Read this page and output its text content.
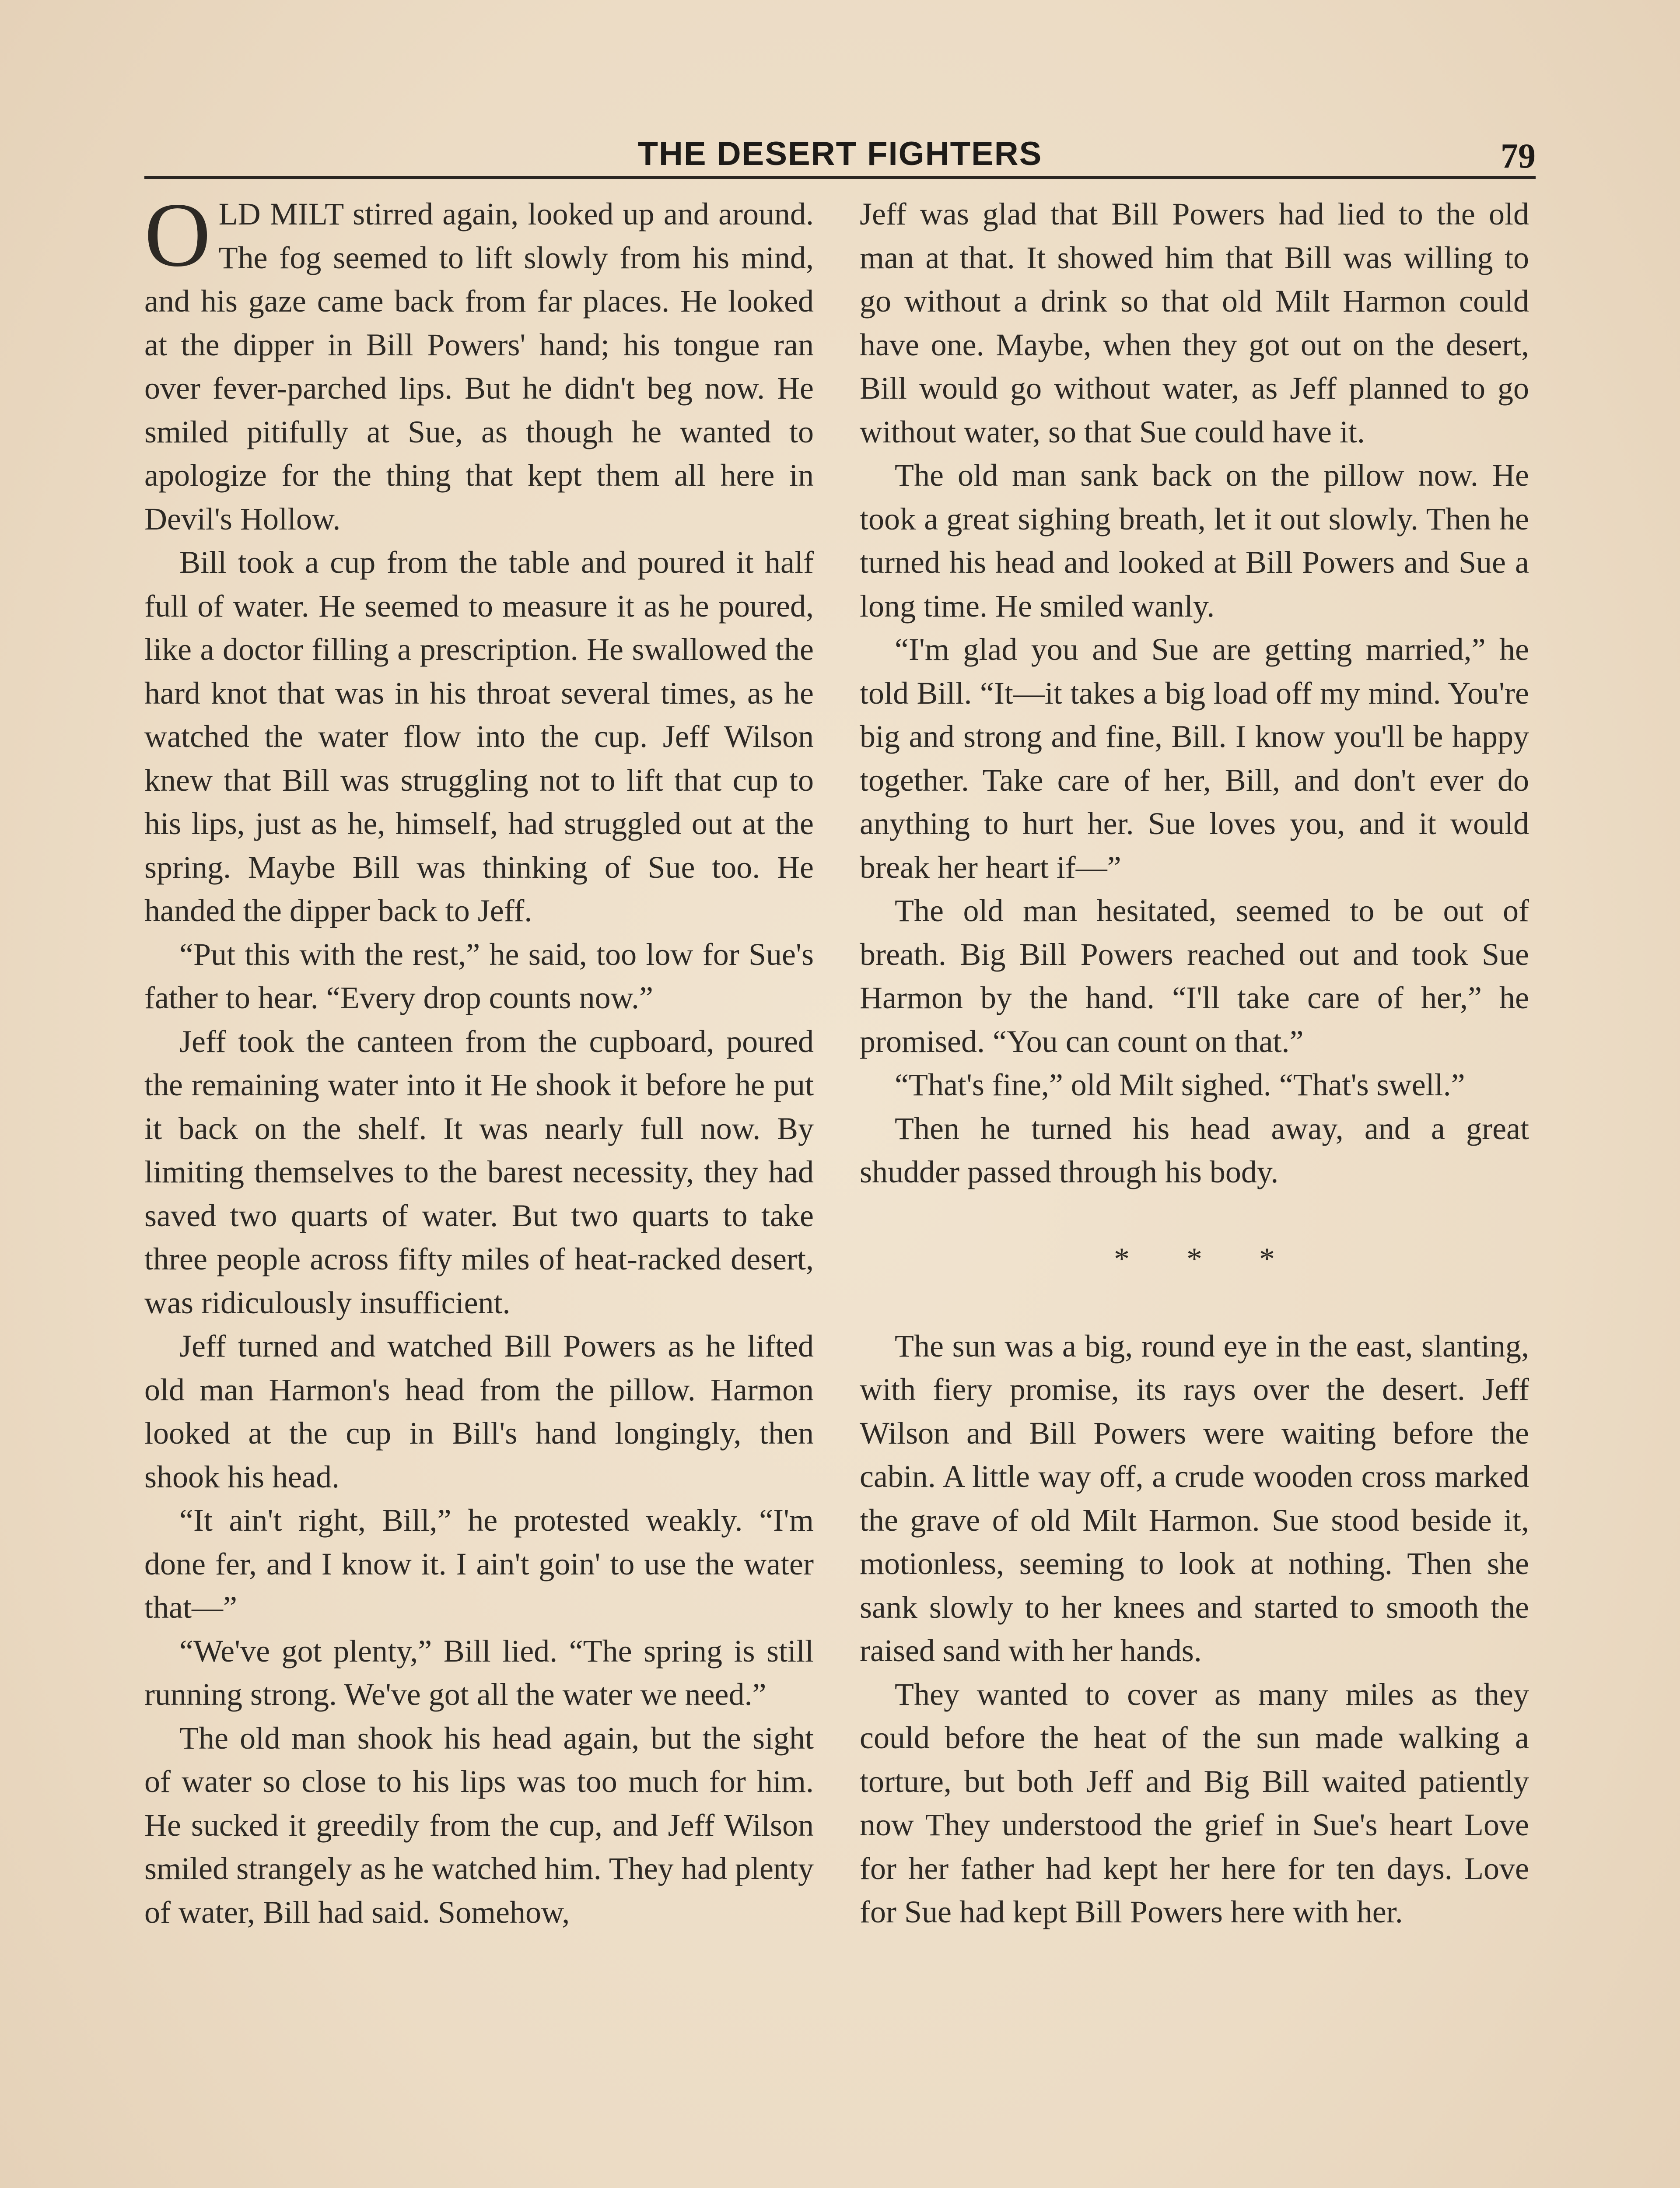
THE DESERT FIGHTERS	79

OLD MILT stirred again, looked up and around. The fog seemed to lift slowly from his mind, and his gaze came back from far places. He looked at the dipper in Bill Powers' hand; his tongue ran over fever-parched lips. But he didn't beg now. He smiled pitifully at Sue, as though he wanted to apologize for the thing that kept them all here in Devil's Hollow.

Bill took a cup from the table and poured it half full of water. He seemed to measure it as he poured, like a doctor filling a prescription. He swallowed the hard knot that was in his throat several times, as he watched the water flow into the cup. Jeff Wilson knew that Bill was struggling not to lift that cup to his lips, just as he, himself, had struggled out at the spring. Maybe Bill was thinking of Sue too. He handed the dipper back to Jeff.

“Put this with the rest,” he said, too low for Sue's father to hear. “Every drop counts now.”

Jeff took the canteen from the cupboard, poured the remaining water into it He shook it before he put it back on the shelf. It was nearly full now. By limiting themselves to the barest necessity, they had saved two quarts of water. But two quarts to take three people across fifty miles of heat-racked desert, was ridiculously insufficient.

Jeff turned and watched Bill Powers as he lifted old man Harmon's head from the pillow. Harmon looked at the cup in Bill's hand longingly, then shook his head.

“It ain't right, Bill,” he protested weakly. “I'm done fer, and I know it. I ain't goin' to use the water that—”

“We've got plenty,” Bill lied. “The spring is still running strong. We've got all the water we need.”

The old man shook his head again, but the sight of water so close to his lips was too much for him. He sucked it greedily from the cup, and Jeff Wilson smiled strangely as he watched him. They had plenty of water, Bill had said. Somehow,

Jeff was glad that Bill Powers had lied to the old man at that. It showed him that Bill was willing to go without a drink so that old Milt Harmon could have one. Maybe, when they got out on the desert, Bill would go without water, as Jeff planned to go without water, so that Sue could have it.

The old man sank back on the pillow now. He took a great sighing breath, let it out slowly. Then he turned his head and looked at Bill Powers and Sue a long time. He smiled wanly.

“I'm glad you and Sue are getting married,” he told Bill. “It—it takes a big load off my mind. You're big and strong and fine, Bill. I know you'll be happy together. Take care of her, Bill, and don't ever do anything to hurt her. Sue loves you, and it would break her heart if—”

The old man hesitated, seemed to be out of breath. Big Bill Powers reached out and took Sue Harmon by the hand. “I'll take care of her,” he promised. “You can count on that.”

“That's fine,” old Milt sighed. “That's swell.”

Then he turned his head away, and a great shudder passed through his body.

* * *

The sun was a big, round eye in the east, slanting, with fiery promise, its rays over the desert. Jeff Wilson and Bill Powers were waiting before the cabin. A little way off, a crude wooden cross marked the grave of old Milt Harmon. Sue stood beside it, motionless, seeming to look at nothing. Then she sank slowly to her knees and started to smooth the raised sand with her hands.

They wanted to cover as many miles as they could before the heat of the sun made walking a torture, but both Jeff and Big Bill waited patiently now They understood the grief in Sue's heart Love for her father had kept her here for ten days. Love for Sue had kept Bill Powers here with her.
